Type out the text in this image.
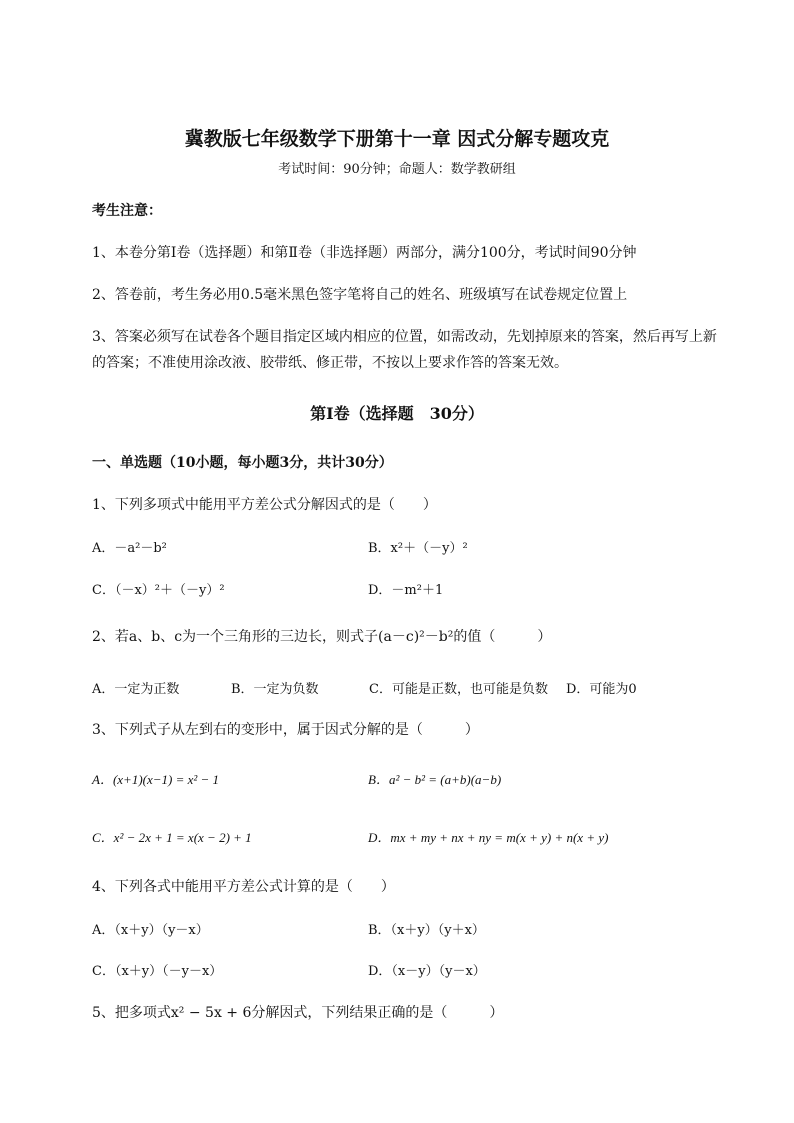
冀教版七年级数学下册第十一章 因式分解专题攻克
考试时间：90分钟；命题人：数学教研组
考生注意：
1、本卷分第I卷（选择题）和第Ⅱ卷（非选择题）两部分，满分100分，考试时间90分钟
2、答卷前，考生务必用0.5毫米黑色签字笔将自己的姓名、班级填写在试卷规定位置上
3、答案必须写在试卷各个题目指定区域内相应的位置，如需改动，先划掉原来的答案，然后再写上新
的答案；不准使用涂改液、胶带纸、修正带，不按以上要求作答的答案无效。
第I卷（选择题　30分）
一、单选题（10小题，每小题3分，共计30分）
1、下列多项式中能用平方差公式分解因式的是（　　）
A．－a²－b²	B．x²＋（－y）²
C．（－x）²＋（－y）²	D．－m²＋1
2、若a、b、c为一个三角形的三边长，则式子(a－c)²－b²的值（　　　）
A．一定为正数	B．一定为负数	C．可能是正数，也可能是负数 D．可能为0
3、下列式子从左到右的变形中，属于因式分解的是（　　　）
A．(x+1)(x−1) = x² − 1	B．a² − b² = (a+b)(a−b)
C．x² − 2x + 1 = x(x − 2) + 1	D．mx + my + nx + ny = m(x + y) + n(x + y)
4、下列各式中能用平方差公式计算的是（　　）
A．（x＋y）（y－x）	B．（x＋y）（y＋x）
C．（x＋y）（－y－x）	D．（x－y）（y－x）
5、把多项式x² − 5x + 6分解因式，下列结果正确的是（　　　）
